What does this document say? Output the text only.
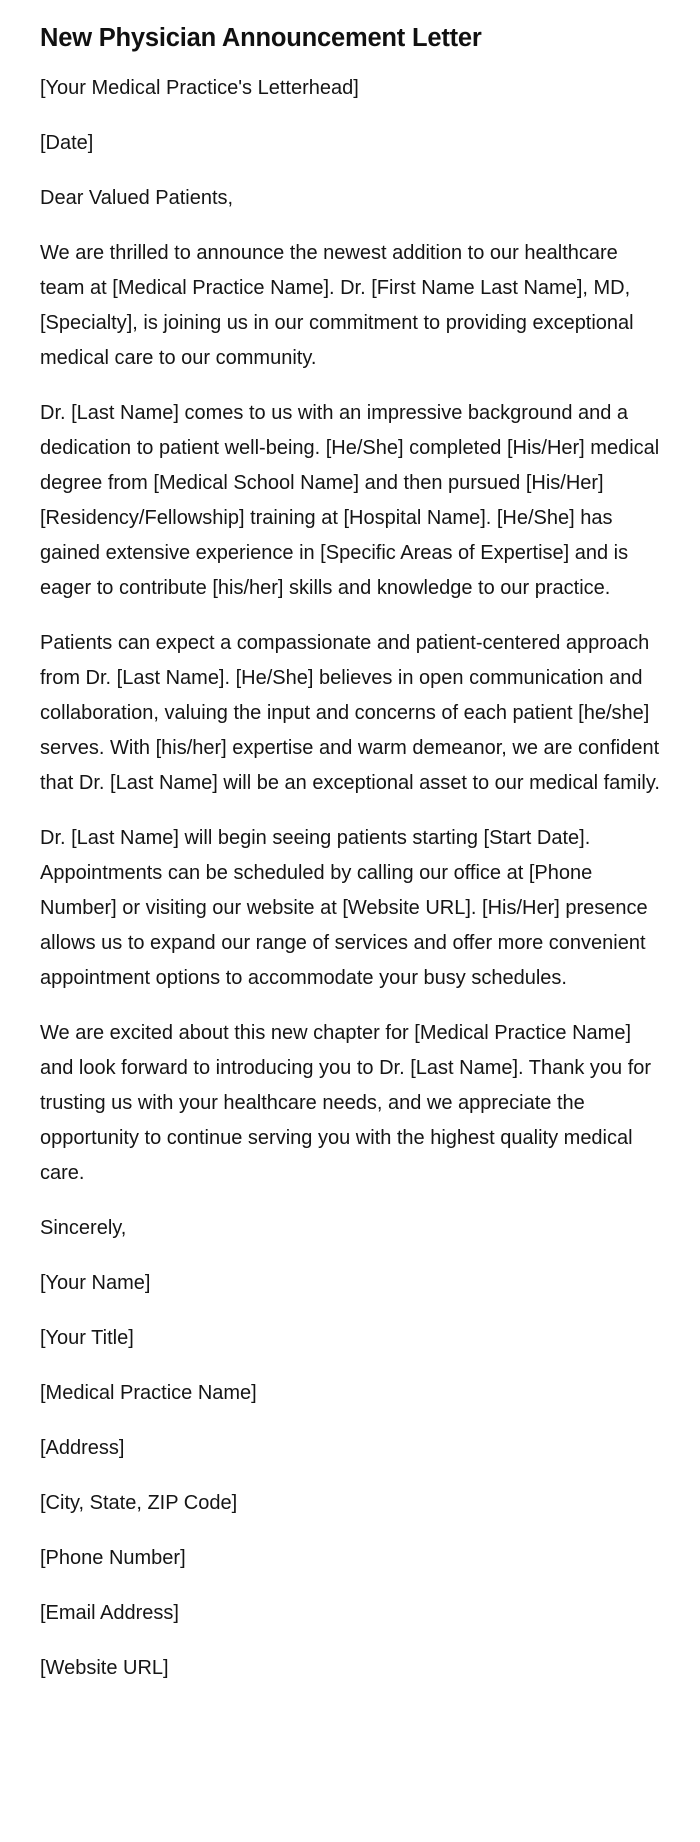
New Physician Announcement Letter

[Your Medical Practice's Letterhead]

[Date]

Dear Valued Patients,

We are thrilled to announce the newest addition to our healthcare team at [Medical Practice Name]. Dr. [First Name Last Name], MD, [Specialty], is joining us in our commitment to providing exceptional medical care to our community.

Dr. [Last Name] comes to us with an impressive background and a dedication to patient well-being. [He/She] completed [His/Her] medical degree from [Medical School Name] and then pursued [His/Her] [Residency/Fellowship] training at [Hospital Name]. [He/She] has gained extensive experience in [Specific Areas of Expertise] and is eager to contribute [his/her] skills and knowledge to our practice.

Patients can expect a compassionate and patient-centered approach from Dr. [Last Name]. [He/She] believes in open communication and collaboration, valuing the input and concerns of each patient [he/she] serves. With [his/her] expertise and warm demeanor, we are confident that Dr. [Last Name] will be an exceptional asset to our medical family.

Dr. [Last Name] will begin seeing patients starting [Start Date]. Appointments can be scheduled by calling our office at [Phone Number] or visiting our website at [Website URL]. [His/Her] presence allows us to expand our range of services and offer more convenient appointment options to accommodate your busy schedules.

We are excited about this new chapter for [Medical Practice Name] and look forward to introducing you to Dr. [Last Name]. Thank you for trusting us with your healthcare needs, and we appreciate the opportunity to continue serving you with the highest quality medical care.

Sincerely,

[Your Name]

[Your Title]

[Medical Practice Name]

[Address]

[City, State, ZIP Code]

[Phone Number]

[Email Address]

[Website URL]
